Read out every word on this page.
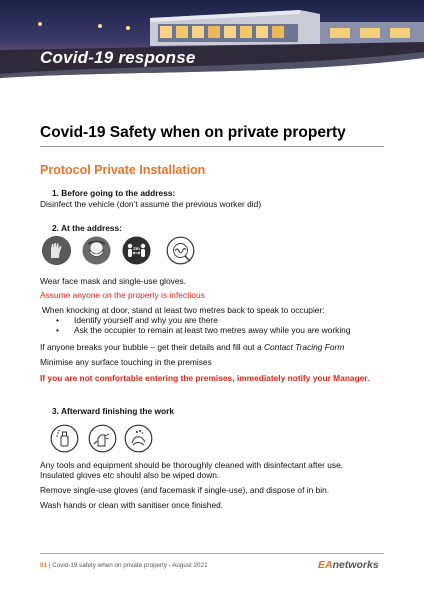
Covid-19 response
Covid-19 Safety when on private property
Protocol Private Installation
1. Before going to the address:
Disinfect the vehicle (don’t assume the previous worker did)
2. At the address:
2m
Wear face mask and single-use gloves.
Assume anyone on the property is infectious
When knocking at door, stand at least two metres back to speak to occupier:
• Identify yourself and why you are there
• Ask the occupier to remain at least two metres away while you are working
If anyone breaks your bubble – get their details and fill out a Contact Tracing Form
Minimise any surface touching in the premises
If you are not comfortable entering the premises, immediately notify your Manager.
3. Afterward finishing the work
Any tools and equipment should be thoroughly cleaned with disinfectant after use.
Insulated gloves etc should also be wiped down.
Remove single-use gloves (and facemask if single-use), and dispose of in bin.
Wash hands or clean with sanitiser once finished.
01 | Covid-19 safety when on private property - August 2021	EAnetworks
